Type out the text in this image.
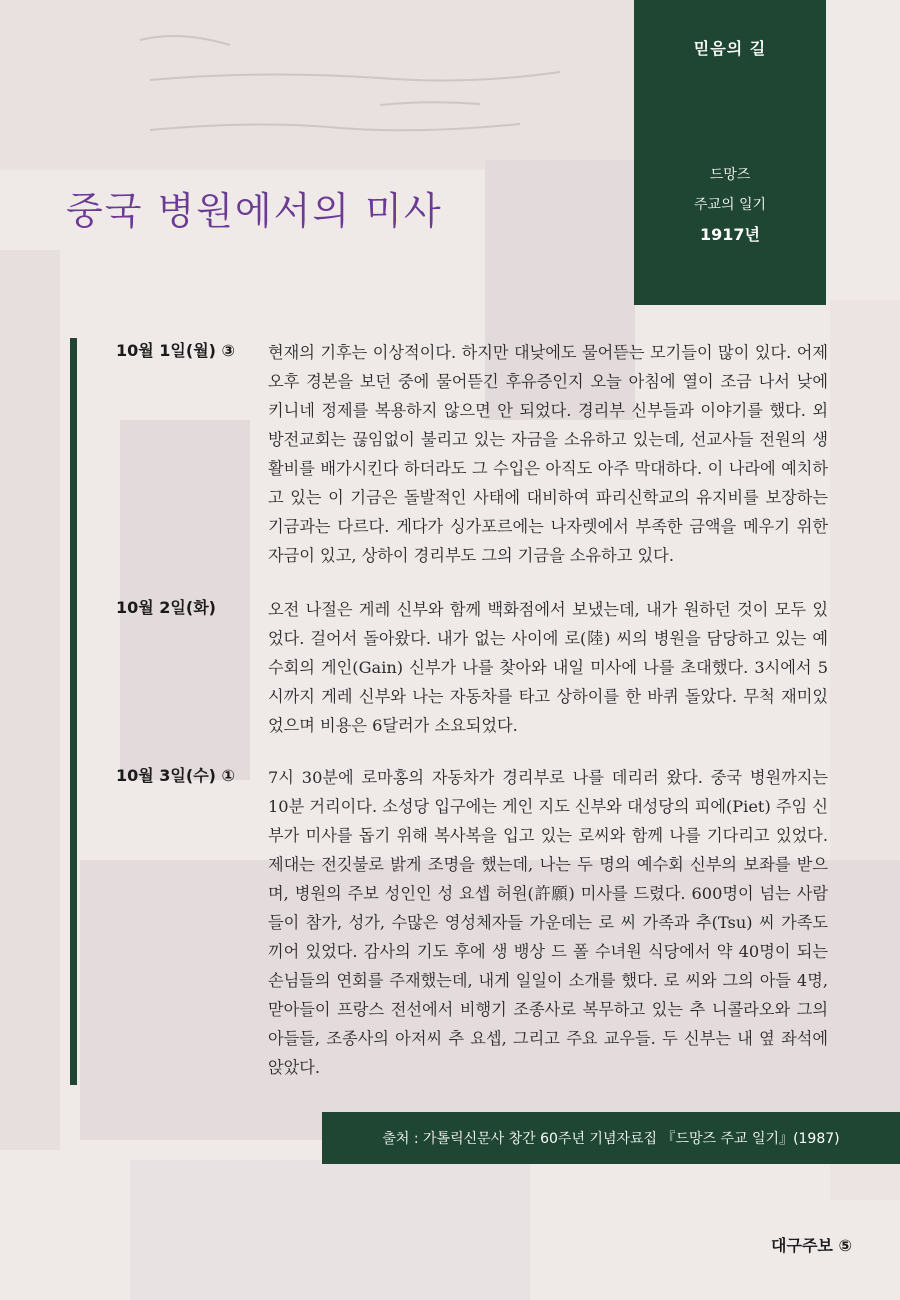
믿음의 길
드망즈
주교의 일기
1917년
중국 병원에서의 미사
10월 1일(월) ③ 현재의 기후는 이상적이다. 하지만 대낮에도 물어뜯는 모기들이 많이 있다. 어제 오후 경본을 보던 중에 물어뜯긴 후유증인지 오늘 아침에 열이 조금 나서 낮에 키니네 정제를 복용하지 않으면 안 되었다. 경리부 신부들과 이야기를 했다. 외방전교회는 끊임없이 불리고 있는 자금을 소유하고 있는데, 선교사들 전원의 생활비를 배가시킨다 하더라도 그 수입은 아직도 아주 막대하다. 이 나라에 예치하고 있는 이 기금은 돌발적인 사태에 대비하여 파리신학교의 유지비를 보장하는 기금과는 다르다. 게다가 싱가포르에는 나자렛에서 부족한 금액을 메우기 위한 자금이 있고, 상하이 경리부도 그의 기금을 소유하고 있다.

10월 2일(화)	오전 나절은 게레 신부와 함께 백화점에서 보냈는데, 내가 원하던 것이 모두 있었다. 걸어서 돌아왔다. 내가 없는 사이에 로(陸) 씨의 병원을 담당하고 있는 예수회의 게인(Gain) 신부가 나를 찾아와 내일 미사에 나를 초대했다. 3시에서 5시까지 게레 신부와 나는 자동차를 타고 상하이를 한 바퀴 돌았다. 무척 재미있었으며 비용은 6달러가 소요되었다.

10월 3일(수) ① 7시 30분에 로마홍의 자동차가 경리부로 나를 데리러 왔다. 중국 병원까지는 10분 거리이다. 소성당 입구에는 게인 지도 신부와 대성당의 피에(Piet) 주임 신부가 미사를 돕기 위해 복사복을 입고 있는 로씨와 함께 나를 기다리고 있었다. 제대는 전깃불로 밝게 조명을 했는데, 나는 두 명의 예수회 신부의 보좌를 받으며, 병원의 주보 성인인 성 요셉 허원(許願) 미사를 드렸다. 600명이 넘는 사람들이 참가, 성가, 수많은 영성체자들 가운데는 로 씨 가족과 추(Tsu) 씨 가족도 끼어 있었다. 감사의 기도 후에 생 뱅상 드 폴 수녀원 식당에서 약 40명이 되는 손님들의 연회를 주재했는데, 내게 일일이 소개를 했다. 로 씨와 그의 아들 4명, 맏아들이 프랑스 전선에서 비행기 조종사로 복무하고 있는 추 니콜라오와 그의 아들들, 조종사의 아저씨 추 요셉, 그리고 주요 교우들. 두 신부는 내 옆 좌석에 앉았다.

출처 : 가톨릭신문사 창간 60주년 기념자료집 『드망즈 주교 일기』(1987)
대구주보 ⑤
